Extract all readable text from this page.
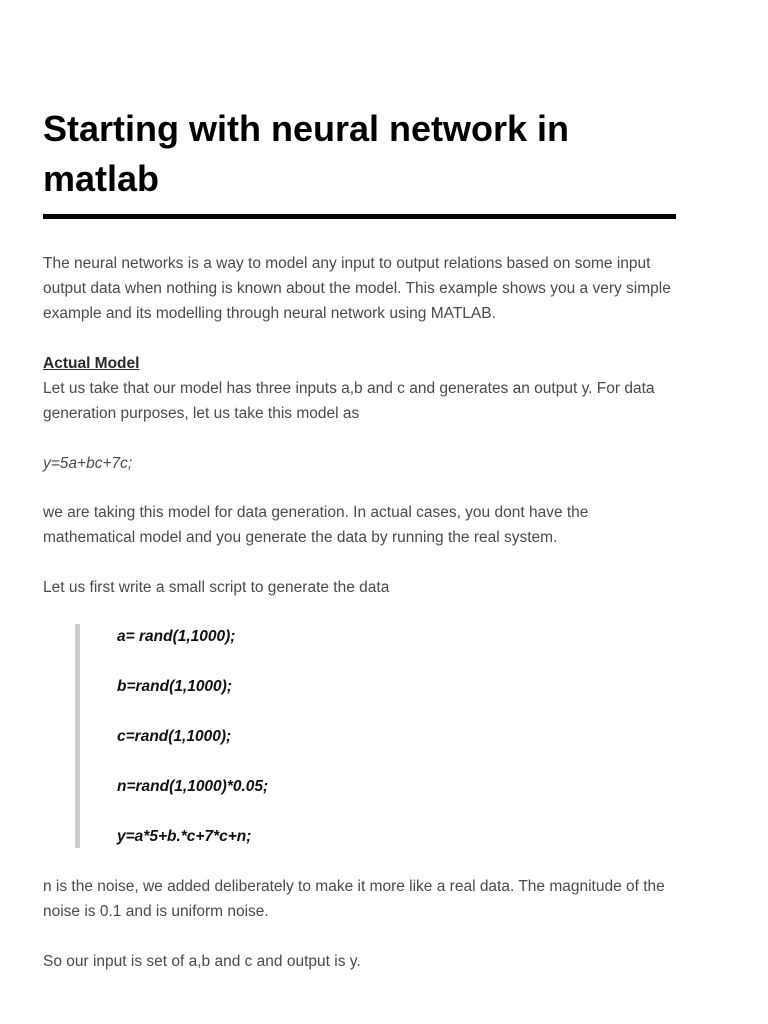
Starting with neural network in
matlab

The neural networks is a way to model any input to output relations based on some input
output data when nothing is known about the model. This example shows you a very simple
example and its modelling through neural network using MATLAB.

Actual Model

Let us take that our model has three inputs a,b and c and generates an output y. For data
generation purposes, let us take this model as

y=5a+bc+7c;

we are taking this model for data generation. In actual cases, you dont have the
mathematical model and you generate the data by running the real system.

Let us first write a small script to generate the data

a= rand(1,1000);

b=rand(1,1000);

c=rand(1,1000);

n=rand(1,1000)*0.05;

y=a*5+b.*c+7*c+n;

n is the noise, we added deliberately to make it more like a real data. The magnitude of the
noise is 0.1 and is uniform noise.

So our input is set of a,b and c and output is y.
